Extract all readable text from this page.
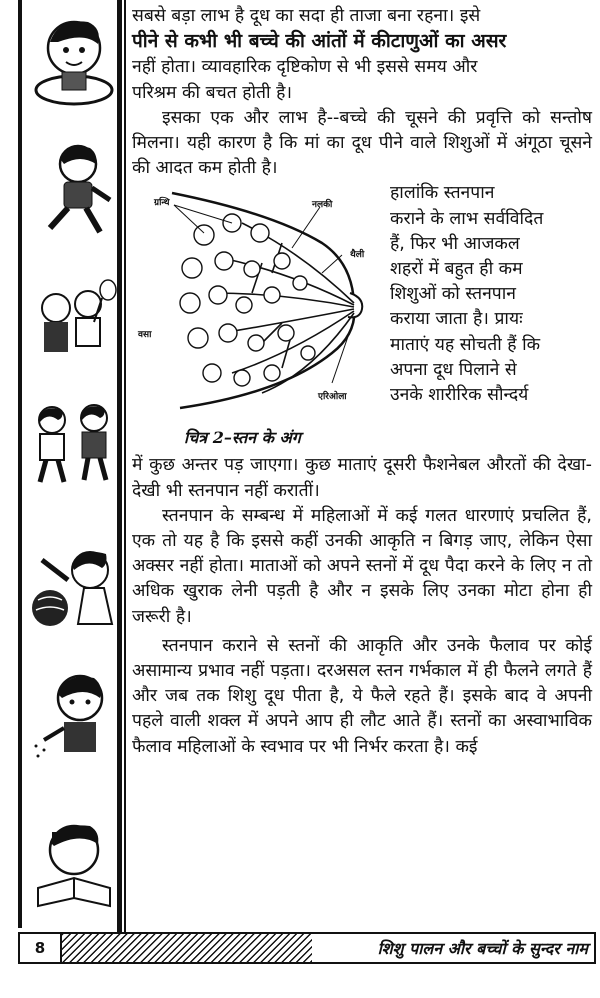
सबसे बड़ा लाभ है दूध का सदा ही ताजा बना रहना। इसे
पीने से कभी भी बच्चे की आंतों में कीटाणुओं का असर
नहीं होता। व्यावहारिक दृष्टिकोण से भी इससे समय और
परिश्रम की बचत होती है।

इसका एक और लाभ है--बच्चे की चूसने की प्रवृत्ति को सन्तोष मिलना। यही कारण है कि मां का दूध पीने वाले शिशुओं में अंगूठा चूसने की आदत कम होती है।

ग्रन्थि	नलकी
थैली
वसा
एरिओला
चित्र 2–स्तन के अंग

हालांकि स्तनपान
कराने के लाभ सर्वविदित
हैं, फिर भी आजकल
शहरों में बहुत ही कम
शिशुओं को स्तनपान
कराया जाता है। प्रायः
माताएं यह सोचती हैं कि
अपना दूध पिलाने से
उनके शारीरिक सौन्दर्य

में कुछ अन्तर पड़ जाएगा। कुछ माताएं दूसरी फैशनेबल औरतों की देखा-देखी भी स्तनपान नहीं करातीं।

स्तनपान के सम्बन्ध में महिलाओं में कई गलत धारणाएं प्रचलित हैं, एक तो यह है कि इससे कहीं उनकी आकृति न बिगड़ जाए, लेकिन ऐसा अक्सर नहीं होता। माताओं को अपने स्तनों में दूध पैदा करने के लिए न तो अधिक खुराक लेनी पड़ती है और न इसके लिए उनका मोटा होना ही जरूरी है।

स्तनपान कराने से स्तनों की आकृति और उनके फैलाव पर कोई असामान्य प्रभाव नहीं पड़ता। दरअसल स्तन गर्भकाल में ही फैलने लगते हैं और जब तक शिशु दूध पीता है, ये फैले रहते हैं। इसके बाद वे अपनी पहले वाली शक्ल में अपने आप ही लौट आते हैं। स्तनों का अस्वाभाविक फैलाव महिलाओं के स्वभाव पर भी निर्भर करता है। कई

8	शिशु पालन और बच्चों के सुन्दर नाम
